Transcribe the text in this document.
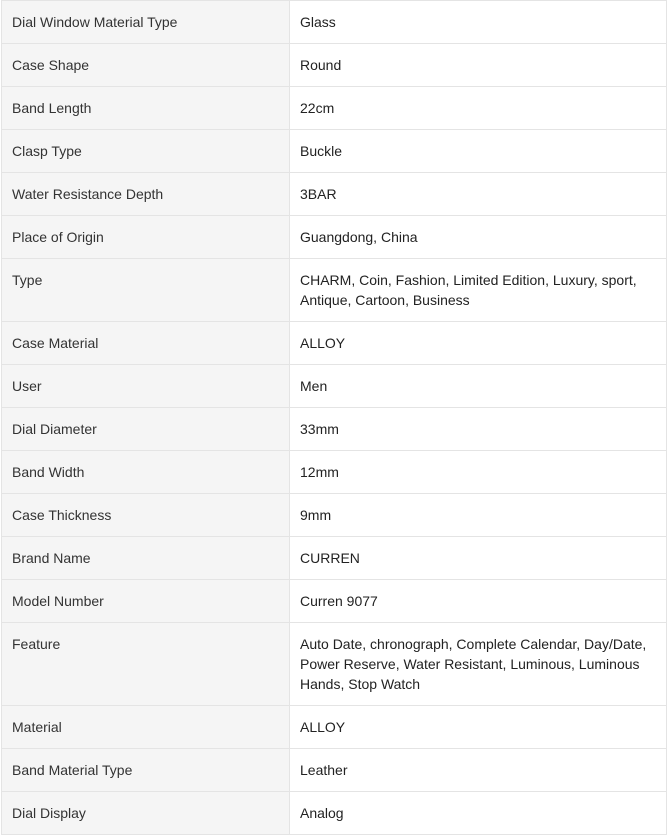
Dial Window Material Type	Glass
Case Shape	Round
Band Length	22cm
Clasp Type	Buckle
Water Resistance Depth	3BAR
Place of Origin	Guangdong, China
Type	CHARM, Coin, Fashion, Limited Edition, Luxury, sport, Antique, Cartoon, Business
Case Material	ALLOY
User	Men
Dial Diameter	33mm
Band Width	12mm
Case Thickness	9mm
Brand Name	CURREN
Model Number	Curren 9077
Feature	Auto Date, chronograph, Complete Calendar, Day/Date, Power Reserve, Water Resistant, Luminous, Luminous Hands, Stop Watch
Material	ALLOY
Band Material Type	Leather
Dial Display	Analog
